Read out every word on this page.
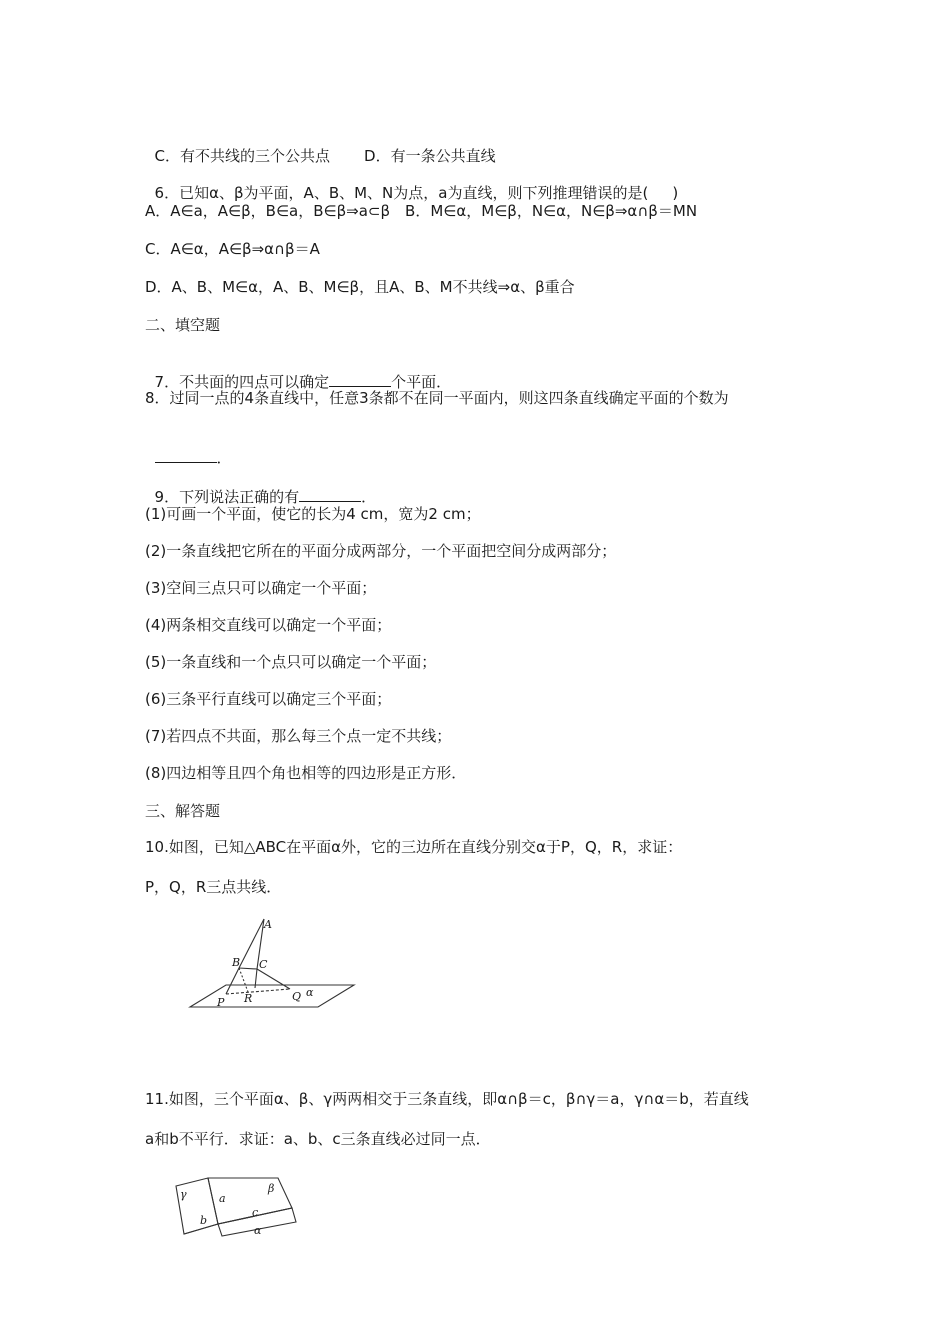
C．有不共线的三个公共点 D．有一条公共直线

6．已知α、β为平面，A、B、M、N为点，a为直线，则下列推理错误的是( )

A．A∈a，A∈β，B∈a，B∈β⇒a⊂β　B．M∈α，M∈β，N∈α，N∈β⇒α∩β＝MN
C．A∈α，A∈β⇒α∩β＝A
D．A、B、M∈α，A、B、M∈β，且A、B、M不共线⇒α、β重合
二、填空题

7．不共面的四点可以确定	个平面．

8．过同一点的4条直线中，任意3条都不在同一平面内，则这四条直线确定平面的个数为

．

9．下列说法正确的有	．

(1)可画一个平面，使它的长为4 cm，宽为2 cm；
(2)一条直线把它所在的平面分成两部分，一个平面把空间分成两部分；
(3)空间三点只可以确定一个平面；
(4)两条相交直线可以确定一个平面；
(5)一条直线和一个点只可以确定一个平面；
(6)三条平行直线可以确定三个平面；
(7)若四点不共面，那么每三个点一定不共线；
(8)四边相等且四个角也相等的四边形是正方形．
三、解答题
10.如图，已知△ABC在平面α外，它的三边所在直线分别交α于P，Q，R，求证：
P，Q，R三点共线．
A
B C
R
P	Q α
11.如图，三个平面α、β、γ两两相交于三条直线，即α∩β＝c，β∩γ＝a，γ∩α＝b，若直线
a和b不平行．求证：a、b、c三条直线必过同一点．
γ	β
a
b
c
α
